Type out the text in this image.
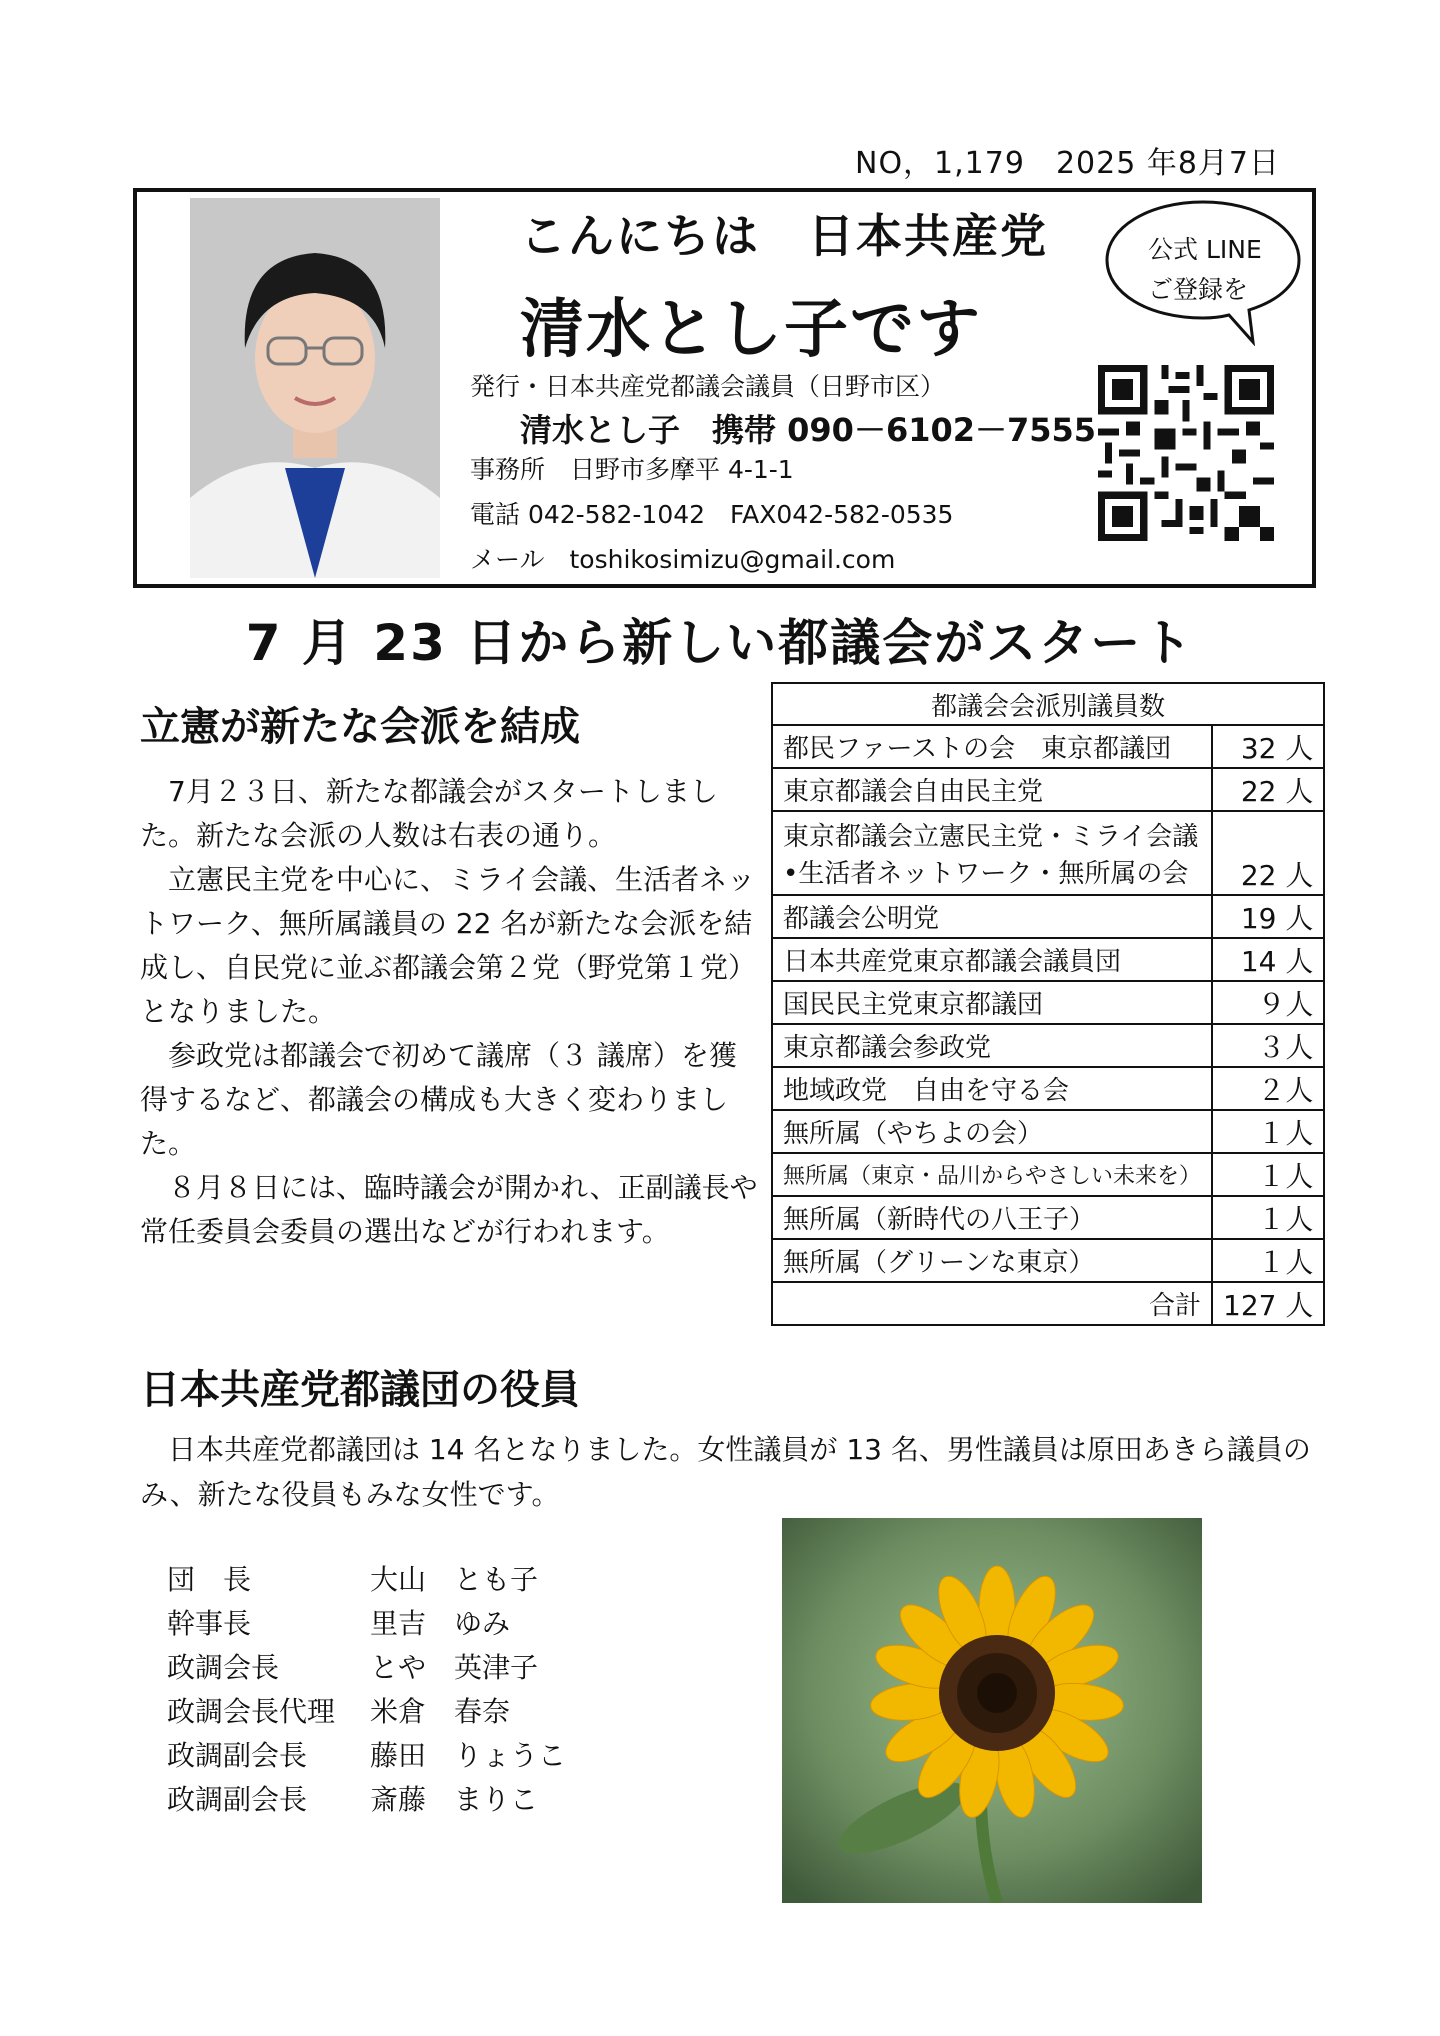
NO，1,179　2025 年8月7日
こんにちは　日本共産党
清水とし子です
発行・日本共産党都議会議員（日野市区）
清水とし子　携帯 090－6102－7555
事務所　日野市多摩平 4-1-1
電話 042-582-1042　FAX042-582-0535
メール　toshikosimizu@gmail.com
公式 LINE
ご登録を
7 月 23 日から新しい都議会がスタート
立憲が新たな会派を結成

7月２３日、新たな都議会がスタートしました。新たな会派の人数は右表の通り。

立憲民主党を中心に、ミライ会議、生活者ネットワーク、無所属議員の 22 名が新たな会派を結成し、自民党に並ぶ都議会第２党（野党第１党）となりました。

参政党は都議会で初めて議席（３ 議席）を獲得するなど、都議会の構成も大きく変わりました。

８月８日には、臨時議会が開かれ、正副議長や常任委員会委員の選出などが行われます。

都議会会派別議員数	
都民ファーストの会　東京都議団	32 人
東京都議会自由民主党	22 人

東京都議会立憲民主党・ミライ会議
•生活者ネットワーク・無所属の会	22 人
都議会公明党	19 人
日本共産党東京都議会議員団	14 人
国民民主党東京都議団	９人
東京都議会参政党	３人
地域政党　自由を守る会	２人
無所属（やちよの会）	１人
無所属（東京・品川からやさしい未来を）	１人
無所属（新時代の八王子）	１人
無所属（グリーンな東京）	１人
合計	127 人
日本共産党都議団の役員
日本共産党都議団は 14 名となりました。女性議員が 13 名、男性議員は原田あきら議員のみ、新たな役員もみな女性です。
団　長	大山　とも子
幹事長	里吉　ゆみ
政調会長	とや　英津子
政調会長代理	米倉　春奈
政調副会長	藤田　りょうこ
政調副会長	斎藤　まりこ
